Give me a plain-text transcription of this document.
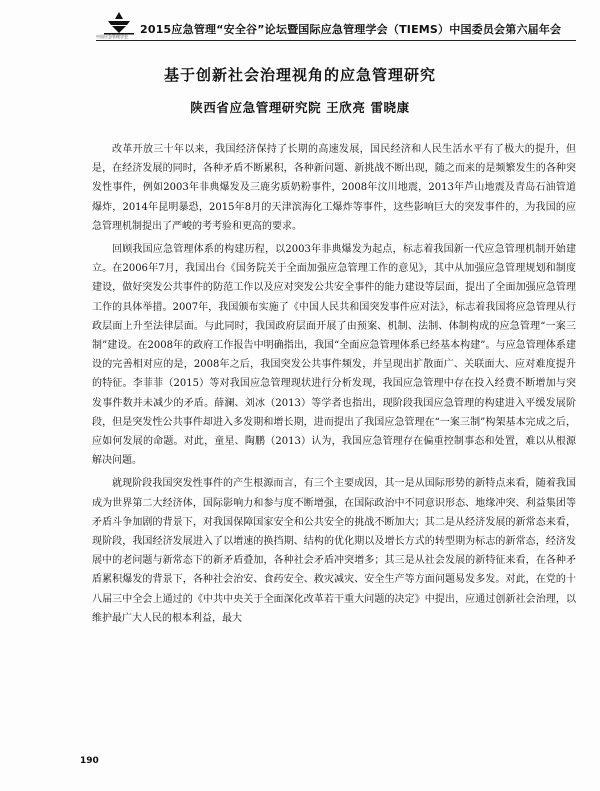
中国应急管理学会
2015应急管理“安全谷”论坛暨国际应急管理学会（TIEMS）中国委员会第六届年会
基于创新社会治理视角的应急管理研究
陕西省应急管理研究院 王欣亮 雷晓康

改革开放三十年以来，我国经济保持了长期的高速发展，国民经济和人民生活水平有了极大的提升，但是，在经济发展的同时，各种矛盾不断累积，各种新问题、新挑战不断出现，随之而来的是频繁发生的各种突发性事件，例如2003年非典爆发及三鹿劣质奶粉事件，2008年汶川地震，2013年芦山地震及青岛石油管道爆炸，2014年昆明暴恐，2015年8月的天津滨海化工爆炸等事件，这些影响巨大的突发事件的，为我国的应急管理机制提出了严峻的考考验和更高的要求。

回顾我国应急管理体系的构建历程，以2003年非典爆发为起点，标志着我国新一代应急管理机制开始建立。在2006年7月，我国出台《国务院关于全面加强应急管理工作的意见》，其中从加强应急管理规划和制度建设，做好突发公共事件的防范工作以及应对突发公共安全事件的能力建设等层面，提出了全面加强应急管理工作的具体举措。2007年，我国颁布实施了《中国人民共和国突发事件应对法》，标志着我国将应急管理从行政层面上升至法律层面。与此同时，我国政府层面开展了由预案、机制、法制、体制构成的应急管理“一案三制”建设。在2008年的政府工作报告中明确指出，我国“全面应急管理体系已经基本构建”。与应急管理体系建设的完善相对应的是，2008年之后，我国突发公共事件频发，并呈现出扩散面广、关联面大、应对难度提升的特征。李菲菲（2015）等对我国应急管理现状进行分析发现，我国应急管理中存在投入经费不断增加与突发事件数并未减少的矛盾。薛澜、刘冰（2013）等学者也指出，现阶段我国应急管理的构建进入平缓发展阶段，但是突发性公共事件却进入多发期和增长期，进而提出了我国应急管理在“一案三制”构架基本完成之后，应如何发展的命题。对此，童星、陶鹏（2013）认为，我国应急管理存在偏重控制事态和处置，难以从根源解决问题。

就现阶段我国突发性事件的产生根源而言，有三个主要成因，其一是从国际形势的新特点来看，随着我国成为世界第二大经济体，国际影响力和参与度不断增强，在国际政治中不同意识形态、地缘冲突、利益集团等矛盾斗争加剧的背景下，对我国保障国家安全和公共安全的挑战不断加大；其二是从经济发展的新常态来看，现阶段，我国经济发展进入了以增速的换挡期、结构的优化期以及增长方式的转型期为标志的新常态，经济发展中的老问题与新常态下的新矛盾叠加，各种社会矛盾冲突增多；其三是从社会发展的新特征来看，在各种矛盾累积爆发的背景下，各种社会治安、食药安全、救灾减灾、安全生产等方面问题易发多发。对此，在党的十八届三中全会上通过的《中共中央关于全面深化改革若干重大问题的决定》中提出，应通过创新社会治理，以维护最广大人民的根本利益，最大

190
